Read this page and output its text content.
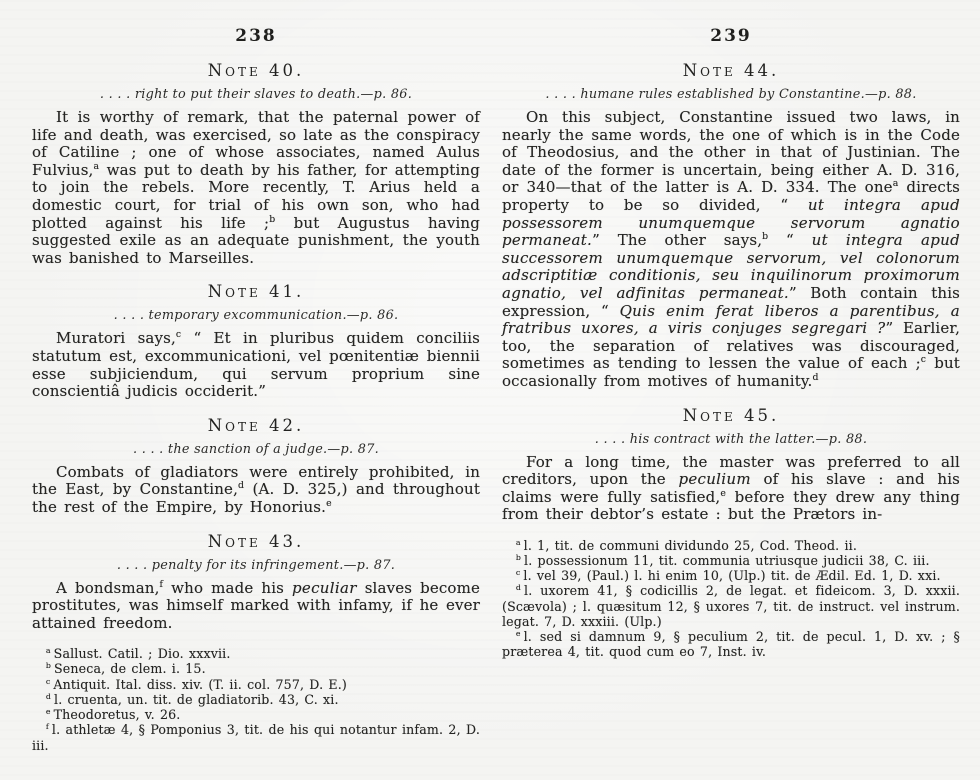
238

Note 40.

. . . . right to put their slaves to death.—p. 86.

It is worthy of remark, that the paternal power of life and death, was exercised, so late as the conspiracy of Catiline ; one of whose associates, named Aulus Fulvius,$^a$ was put to death by his father, for attempting to join the rebels. More recently, T. Arius held a domestic court, for trial of his own son, who had plotted against his life ;$^b$ but Augustus having suggested exile as an adequate punishment, the youth was banished to Marseilles.

Note 41.

. . . . temporary excommunication.—p. 86.

Muratori says,$^c$ “ Et in pluribus quidem conciliis statutum est, excommunicationi, vel pœnitentiæ biennii esse subjiciendum, qui servum proprium sine conscientiâ judicis occiderit.”

Note 42.

. . . . the sanction of a judge.—p. 87.

Combats of gladiators were entirely prohibited, in the East, by Constantine,$^d$ (A. D. 325,) and throughout the rest of the Empire, by Honorius.$^e$

Note 43.

. . . . penalty for its infringement.—p. 87.

A bondsman,$^f$ who made his peculiar slaves become prostitutes, was himself marked with infamy, if he ever attained freedom.

$^a$ Sallust. Catil. ; Dio. xxxvii.

$^b$ Seneca, de clem. i. 15.

$^c$ Antiquit. Ital. diss. xiv. (T. ii. col. 757, D. E.)

$^d$ l. cruenta, un. tit. de gladiatorib. 43, C. xi.

$^e$ Theodoretus, v. 26.

$^f$ l. athletæ 4, § Pomponius 3, tit. de his qui notantur infam. 2, D. iii.

239

Note 44.

. . . . humane rules established by Constantine.—p. 88.

On this subject, Constantine issued two laws, in nearly the same words, the one of which is in the Code of Theodosius, and the other in that of Justinian. The date of the former is uncertain, being either A. D. 316, or 340—that of the latter is A. D. 334. The one$^a$ directs property to be so divided, “ ut integra apud possessorem unumquemque servorum agnatio permaneat.” The other says,$^b$ “ ut integra apud successorem unumquemque servorum, vel colonorum adscriptitiæ conditionis, seu inquilinorum proximorum agnatio, vel adfinitas permaneat.” Both contain this expression, “ Quis enim ferat liberos a parentibus, a fratribus uxores, a viris conjuges segregari ?” Earlier, too, the separation of relatives was discouraged, sometimes as tending to lessen the value of each ;$^c$ but occasionally from motives of humanity.$^d$

Note 45.

. . . . his contract with the latter.—p. 88.

For a long time, the master was preferred to all creditors, upon the peculium of his slave : and his claims were fully satisfied,$^e$ before they drew any thing from their debtor’s estate : but the Prætors in-

$^a$ l. 1, tit. de communi dividundo 25, Cod. Theod. ii.

$^b$ l. possessionum 11, tit. communia utriusque judicii 38, C. iii.

$^c$ l. vel 39, (Paul.) l. hi enim 10, (Ulp.) tit. de Ædil. Ed. 1, D. xxi.

$^d$ l. uxorem 41, § codicillis 2, de legat. et fideicom. 3, D. xxxii. (Scævola) ; l. quæsitum 12, § uxores 7, tit. de instruct. vel instrum. legat. 7, D. xxxiii. (Ulp.)

$^e$ l. sed si damnum 9, § peculium 2, tit. de pecul. 1, D. xv. ; § præterea 4, tit. quod cum eo 7, Inst. iv.
